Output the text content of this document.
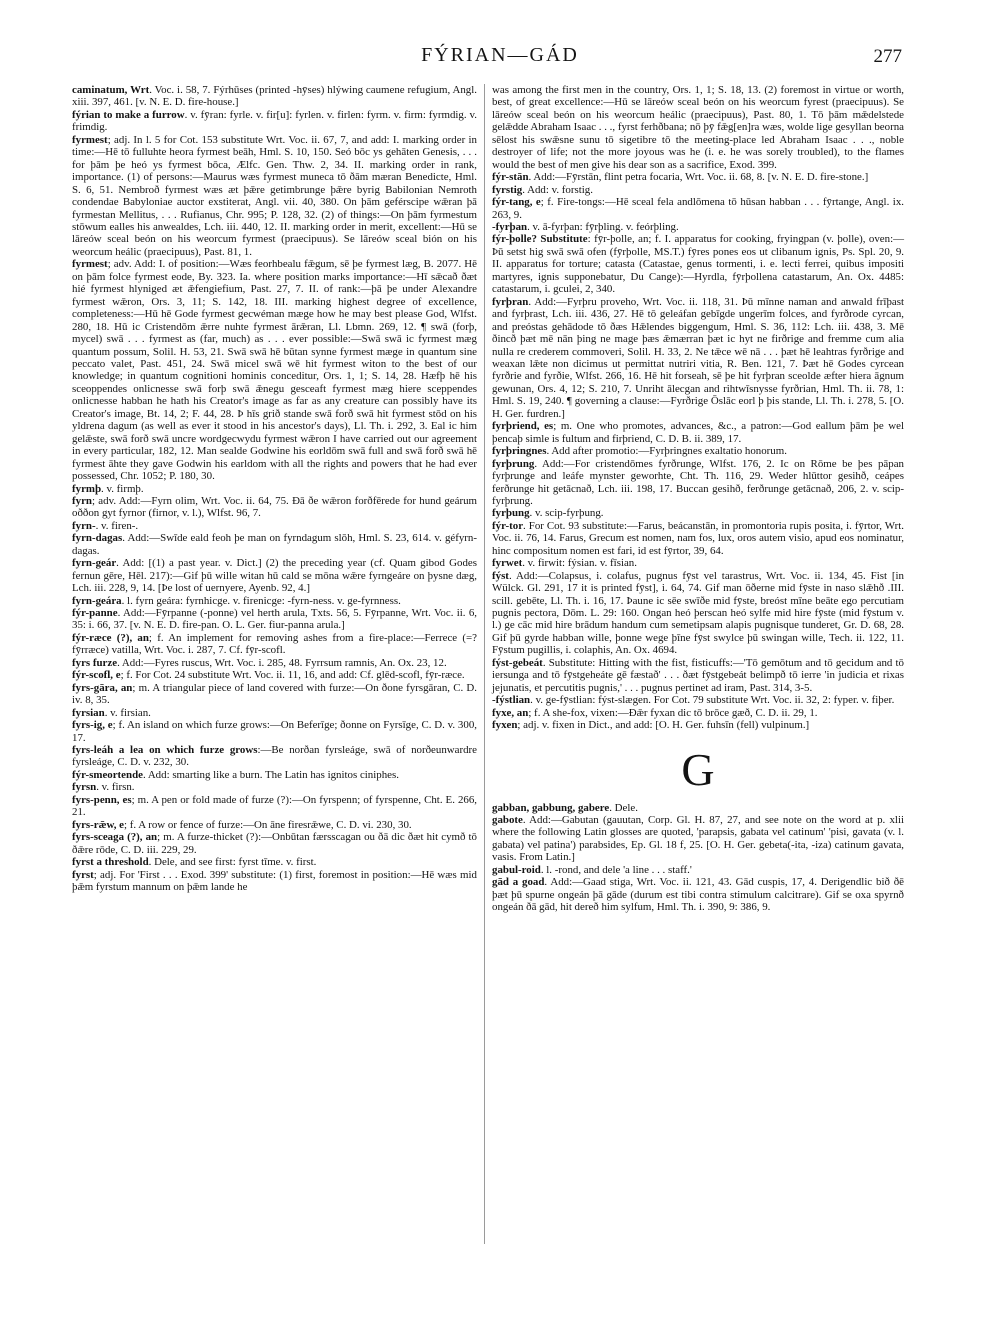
FÝRIAN—GÁD	277

caminatum, Wrt. Voc. i. 58, 7. Fýrhūses (printed -hȳses) hlýwing caumene refugium, Angl. xiii. 397, 461. [v. N. E. D. fire-house.]

fýrian to make a furrow. v. fȳran: fyrle. v. fir[u]: fyrlen. v. firlen: fyrm. v. firm: fyrmdig. v. frimdig.

fyrmest; adj. In l. 5 for Cot. 153 substitute Wrt. Voc. ii. 67, 7, and add: I. marking order in time:—Hē tō fulluhte heora fyrmest beāh, Hml. S. 10, 150. Seó bōc ys gehāten Genesis, . . . for þām þe heó ys fyrmest bōca, Ælfc. Gen. Thw. 2, 34. II. marking order in rank, importance. (1) of persons:—Maurus wæs fyrmest muneca tō ðām mæran Benedicte, Hml. S. 6, 51. Nembroð fyrmest wæs æt þǣre getimbrunge þǣre byrig Babilonian Nemroth condendae Babyloniae auctor exstiterat, Angl. vii. 40, 380. On þām geférscipe wǣran þā fyrmestan Mellitus, . . . Rufianus, Chr. 995; P. 128, 32. (2) of things:—On þām fyrmestum stōwum ealles his anwealdes, Lch. iii. 440, 12. II. marking order in merit, excellent:—Hū se lāreów sceal beón on his weorcum fyrmest (praecipuus). Se lāreów sceal bión on his weorcum heálic (praecipuus), Past. 81, 1.

fyrmest; adv. Add: I. of position:—Wæs feorhbealu fǣgum, sē þe fyrmest læg, B. 2077. Hē on þām folce fyrmest eode, By. 323. Ia. where position marks importance:—Hī sǣcað ðæt hié fyrmest hlyniged æt ǣfengiefium, Past. 27, 7. II. of rank:—þā þe under Alexandre fyrmest wǣron, Ors. 3, 11; S. 142, 18. III. marking highest degree of excellence, completeness:—Hū hē Gode fyrmest gecwéman mæge how he may best please God, Wlfst. 280, 18. Hū ic Cristendōm ǣrre nuhte fyrmest ārǣran, Ll. Lbmn. 269, 12. ¶ swā (forþ, mycel) swā . . . fyrmest as (far, much) as . . . ever possible:—Swā swā ic fyrmest mæg quantum possum, Solil. H. 53, 21. Swā swā hē būtan synne fyrmest mæge in quantum sine peccato valet, Past. 451, 24. Swā micel swā wē hit fyrmest witon to the best of our knowledge; in quantum cognitioni hominis conceditur, Ors. 1, 1; S. 14, 28. Hæfþ hē his sceoppendes onlicnesse swā forþ swā ǣnegu gesceaft fyrmest mæg hiere sceppendes onlicnesse habban he hath his Creator's image as far as any creature can possibly have its Creator's image, Bt. 14, 2; F. 44, 28. Þ hīs grið stande swā forð swā hit fyrmest stōd on his yldrena dagum (as well as ever it stood in his ancestor's days), Ll. Th. i. 292, 3. Eal ic him gelǣste, swā forð swā uncre wordgecwydu fyrmest wǣron I have carried out our agreement in every particular, 182, 12. Man sealde Godwine his eorldōm swā full and swā forð swā hē fyrmest āhte they gave Godwin his earldom with all the rights and powers that he had ever possessed, Chr. 1052; P. 180, 30.

fyrmþ. v. firmþ.

fyrn; adv. Add:—Fyrn olim, Wrt. Voc. ii. 64, 75. Ðā ðe wǣron forðfērede for hund geárum oððon gyt fyrnor (firnor, v. l.), Wlfst. 96, 7.

fyrn-. v. firen-.

fyrn-dagas. Add:—Swīde eald feoh þe man on fyrndagum slōh, Hml. S. 23, 614. v. géfyrn-dagas.

fyrn-geár. Add: [(1) a past year. v. Dict.] (2) the preceding year (cf. Quam gibod Godes fernun gēre, Hēl. 217):—Gif þū wille witan hū cald se mōna wǣre fyrngeáre on þysne dæg, Lch. iii. 228, 9, 14. [Þe lost of uernyere, Ayenb. 92, 4.]

fyrn-geára. l. fyrn geára: fyrnhicge. v. firenicge: -fyrn-ness. v. ge-fyrnness.

fýr-panne. Add:—Fȳrpanne (-ponne) vel herth arula, Txts. 56, 5. Fȳrpanne, Wrt. Voc. ii. 6, 35: i. 66, 37. [v. N. E. D. fire-pan. O. L. Ger. fiur-panna arula.]

fýr-ræce (?), an; f. An implement for removing ashes from a fire-place:—Ferrece (=? fȳrræce) vatilla, Wrt. Voc. i. 287, 7. Cf. fȳr-scofl.

fyrs furze. Add:—Fyres ruscus, Wrt. Voc. i. 285, 48. Fyrrsum ramnis, An. Ox. 23, 12.

fýr-scofl, e; f. For Cot. 24 substitute Wrt. Voc. ii. 11, 16, and add: Cf. glēd-scofl, fȳr-ræce.

fyrs-gāra, an; m. A triangular piece of land covered with furze:—On ðone fyrsgāran, C. D. iv. 8, 35.

fyrsian. v. firsian.

fyrs-ig, e; f. An island on which furze grows:—On Beferīge; ðonne on Fyrsīge, C. D. v. 300, 17.

fyrs-leáh a lea on which furze grows:—Be norðan fyrsleáge, swā of norðeunwardre fyrsleáge, C. D. v. 232, 30.

fýr-smeortende. Add: smarting like a burn. The Latin has ignitos ciniphes.

fyrsn. v. firsn.

fyrs-penn, es; m. A pen or fold made of furze (?):—On fyrspenn; of fyrspenne, Cht. E. 266, 21.

fyrs-rǣw, e; f. A row or fence of furze:—On āne firesrǣwe, C. D. vi. 230, 30.

fyrs-sceaga (?), an; m. A furze-thicket (?):—Onbūtan færsscagan ou ðā dic ðæt hit cymð tō ðǣre rōde, C. D. iii. 229, 29.

fyrst a threshold. Dele, and see first: fyrst tīme. v. first.

fyrst; adj. For 'First . . . Exod. 399' substitute: (1) first, foremost in position:—Hē wæs mid þǣm fyrstum mannum on þǣm lande he

was among the first men in the country, Ors. 1, 1; S. 18, 13. (2) foremost in virtue or worth, best, of great excellence:—Hū se lāreów sceal beón on his weorcum fyrest (praecipuus). Se lāreów sceal beón on his weorcum heálic (praecipuus), Past. 80, 1. Tō þām mǣdelstede gelǣdde Abraham Isaac . . ., fyrst ferhðbana; nō þȳ fǣg[en]ra wæs, wolde lige gesyllan beorna sēlost his swǣsne sunu tō sigetibre tō the meeting-place led Abraham Isaac . . ., noble destroyer of life; not the more joyous was he (i. e. he was sorely troubled), to the flames would the best of men give his dear son as a sacrifice, Exod. 399.

fýr-stān. Add:—Fȳrstān, flint petra focaria, Wrt. Voc. ii. 68, 8. [v. N. E. D. fire-stone.]

fyrstig. Add: v. forstig.

fýr-tang, e; f. Fire-tongs:—Hē sceal fela andlōmena tō hūsan habban . . . fȳrtange, Angl. ix. 263, 9.

-fyrþan. v. ā-fyrþan: fȳrþling. v. feórþling.

fýr-þolle? Substitute: fȳr-þolle, an; f. I. apparatus for cooking, fryingpan (v. þolle), oven:—Þū setst hig swā swā ofen (fȳrþolle, MS.T.) fȳres pones eos ut clibanum ignis, Ps. Spl. 20, 9. II. apparatus for torture; catasta (Catastae, genus tormenti, i. e. lecti ferrei, quibus impositi martyres, ignis supponebatur, Du Cange):—Hyrdla, fȳrþollena catastarum, An. Ox. 4485: catastarum, i. gculei, 2, 340.

fyrþran. Add:—Fyrþru proveho, Wrt. Voc. ii. 118, 31. Þū mīnne naman and anwald frīþast and fyrþrast, Lch. iii. 436, 27. Hē tō geleáfan gebīgde ungerīm folces, and fyrðrode cyrcan, and preóstas gehādode tō ðæs Hǣlendes biggengum, Hml. S. 36, 112: Lch. iii. 438, 3. Mē ðincð þæt mē nān þing ne mage þæs ǣmærran þæt ic hyt ne firðrige and fremme cum alia nulla re crederem commoveri, Solil. H. 33, 2. Ne tǣce wē nā . . . þæt hē leahtras fyrðrige and weaxan lǣte non dicimus ut permittat nutriri vitia, R. Ben. 121, 7. Þæt hē Godes cyrcean fyrðrie and fyrðie, Wlfst. 266, 16. Hē hit forseah, sē þe hit fyrþran sceolde æfter hiera āgnum gewunan, Ors. 4, 12; S. 210, 7. Unriht ālecgan and rihtwīsnysse fyrðrian, Hml. Th. ii. 78, 1: Hml. S. 19, 240. ¶ governing a clause:—Fyrðrige Ōslāc eorl þ þis stande, Ll. Th. i. 278, 5. [O. H. Ger. furdren.]

fyrþriend, es; m. One who promotes, advances, &c., a patron:—God eallum þām þe wel þencaþ simle is fultum and firþriend, C. D. B. ii. 389, 17.

fyrþringnes. Add after promotio:—Fyrþringnes exaltatio honorum.

fyrþrung. Add:—For cristendōmes fyrðrunge, Wlfst. 176, 2. Ic on Rōme be þes pāpan fyrþrunge and leáfe mynster geworhte, Cht. Th. 116, 29. Weder hlūttor gesihð, ceápes ferðrunge hit getācnað, Lch. iii. 198, 17. Buccan gesihð, ferðrunge getācnað, 206, 2. v. scip-fyrþrung.

fyrþung. v. scip-fyrþung.

fýr-tor. For Cot. 93 substitute:—Farus, beácanstān, in promontoria rupis posita, i. fȳrtor, Wrt. Voc. ii. 76, 14. Farus, Grecum est nomen, nam fos, lux, oros autem visio, apud eos nominatur, hinc compositum nomen est fari, id est fȳrtor, 39, 64.

fyrwet. v. firwit: fýsian. v. fīsian.

fýst. Add:—Colapsus, i. colafus, pugnus fȳst vel tarastrus, Wrt. Voc. ii. 134, 45. Fist [in Wülck. Gl. 291, 17 it is printed fȳst], i. 64, 74. Gif man ōðerne mid fȳste in naso slǣhð .III. scill. gebēte, Ll. Th. i. 16, 17. Þaune ic sēe swīðe mid fȳste, breóst mīne beāte ego percutiam pugnis pectora, Dōm. L. 29: 160. Ongan heó þerscan heó sylfe mid hire fȳste (mid fȳstum v. l.) ge cāc mid hire brādum handum cum semetipsam alapis pugnisque tunderet, Gr. D. 68, 28. Gif þū gyrde habban wille, þonne wege þīne fȳst swylce þū swingan wille, Tech. ii. 122, 11. Fȳstum pugillis, i. colaphis, An. Ox. 4694.

fýst-gebeát. Substitute: Hitting with the fist, fisticuffs:—'Tō gemōtum and tō gecidum and tō iersunga and tō fȳstgeheáte gē fæstað' . . . ðæt fȳstgebeát belimpð tō ierre 'in judicia et rixas jejunatis, et percutitis pugnis,' . . . pugnus pertinet ad iram, Past. 314, 3-5.

-fýstlian. v. ge-fȳstlian: fýst-slægen. For Cot. 79 substitute Wrt. Voc. ii. 32, 2: fyper. v. fiþer.

fyxe, an; f. A she-fox, vixen:—Ðǣr fyxan dic tō brōce gæð, C. D. ii. 29, 1.

fyxen; adj. v. fixen in Dict., and add: [O. H. Ger. fuhsīn (fell) vulpinum.]

G

gabban, gabbung, gabere. Dele.

gabote. Add:—Gabutan (gauutan, Corp. Gl. H. 87, 27, and see note on the word at p. xlii where the following Latin glosses are quoted, 'parapsis, gabata vel catinum' 'pisi, gavata (v. l. gabata) vel patina') parabsides, Ep. Gl. 18 f, 25. [O. H. Ger. gebeta(-ita, -iza) catinum gavata, vasis. From Latin.]

gabul-roid. l. -rond, and dele 'a line . . . staff.'

gād a goad. Add:—Gaad stiga, Wrt. Voc. ii. 121, 43. Gād cuspis, 17, 4. Derigendlic bið ðē þæt þū spurne ongeán þā gāde (durum est tibi contra stimulum calcitrare). Gif se oxa spyrnð ongeán ðā gād, hit dereð him sylfum, Hml. Th. i. 390, 9: 386, 9.
